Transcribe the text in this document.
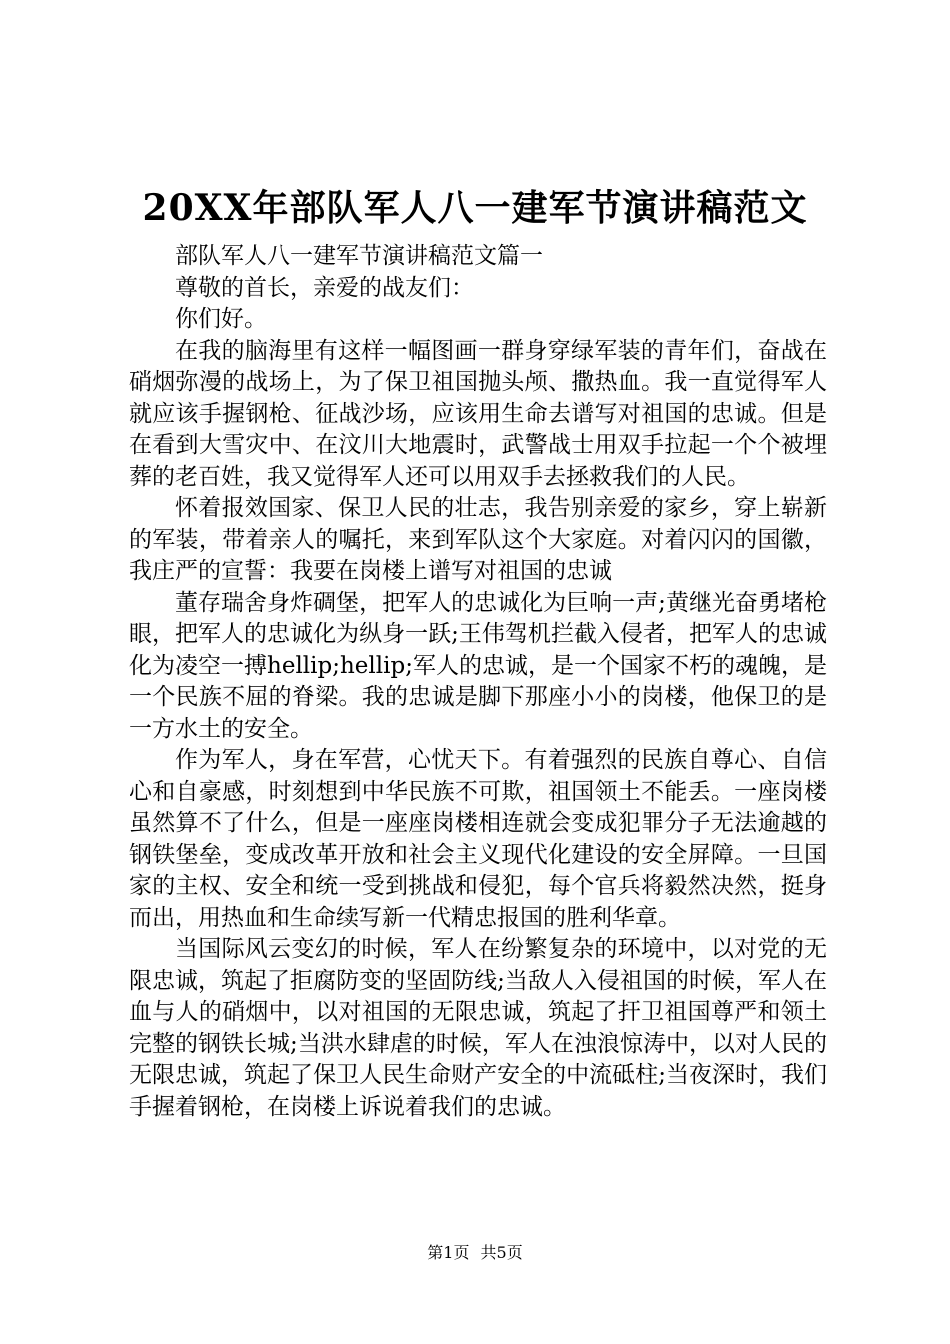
20XX年部队军人八一建军节演讲稿范文

部队军人八一建军节演讲稿范文篇一

尊敬的首长，亲爱的战友们：

你们好。

在我的脑海里有这样一幅图画一群身穿绿军装的青年们，奋战在硝烟弥漫的战场上，为了保卫祖国抛头颅、撒热血。我一直觉得军人就应该手握钢枪、征战沙场，应该用生命去谱写对祖国的忠诚。但是在看到大雪灾中、在汶川大地震时，武警战士用双手拉起一个个被埋葬的老百姓，我又觉得军人还可以用双手去拯救我们的人民。

怀着报效国家、保卫人民的壮志，我告别亲爱的家乡，穿上崭新的军装，带着亲人的嘱托，来到军队这个大家庭。对着闪闪的国徽，我庄严的宣誓：我要在岗楼上谱写对祖国的忠诚

董存瑞舍身炸碉堡，把军人的忠诚化为巨响一声;黄继光奋勇堵枪眼，把军人的忠诚化为纵身一跃;王伟驾机拦截入侵者，把军人的忠诚化为凌空一搏hellip;hellip;军人的忠诚，是一个国家不朽的魂魄，是一个民族不屈的脊梁。我的忠诚是脚下那座小小的岗楼，他保卫的是一方水土的安全。

作为军人，身在军营，心忧天下。有着强烈的民族自尊心、自信心和自豪感，时刻想到中华民族不可欺，祖国领土不能丢。一座岗楼虽然算不了什么，但是一座座岗楼相连就会变成犯罪分子无法逾越的钢铁堡垒，变成改革开放和社会主义现代化建设的安全屏障。一旦国家的主权、安全和统一受到挑战和侵犯，每个官兵将毅然决然，挺身而出，用热血和生命续写新一代精忠报国的胜利华章。

当国际风云变幻的时候，军人在纷繁复杂的环境中，以对党的无限忠诚，筑起了拒腐防变的坚固防线;当敌人入侵祖国的时候，军人在血与人的硝烟中，以对祖国的无限忠诚，筑起了扞卫祖国尊严和领土完整的钢铁长城;当洪水肆虐的时候，军人在浊浪惊涛中，以对人民的无限忠诚，筑起了保卫人民生命财产安全的中流砥柱;当夜深时，我们手握着钢枪，在岗楼上诉说着我们的忠诚。

第1页 共5页
